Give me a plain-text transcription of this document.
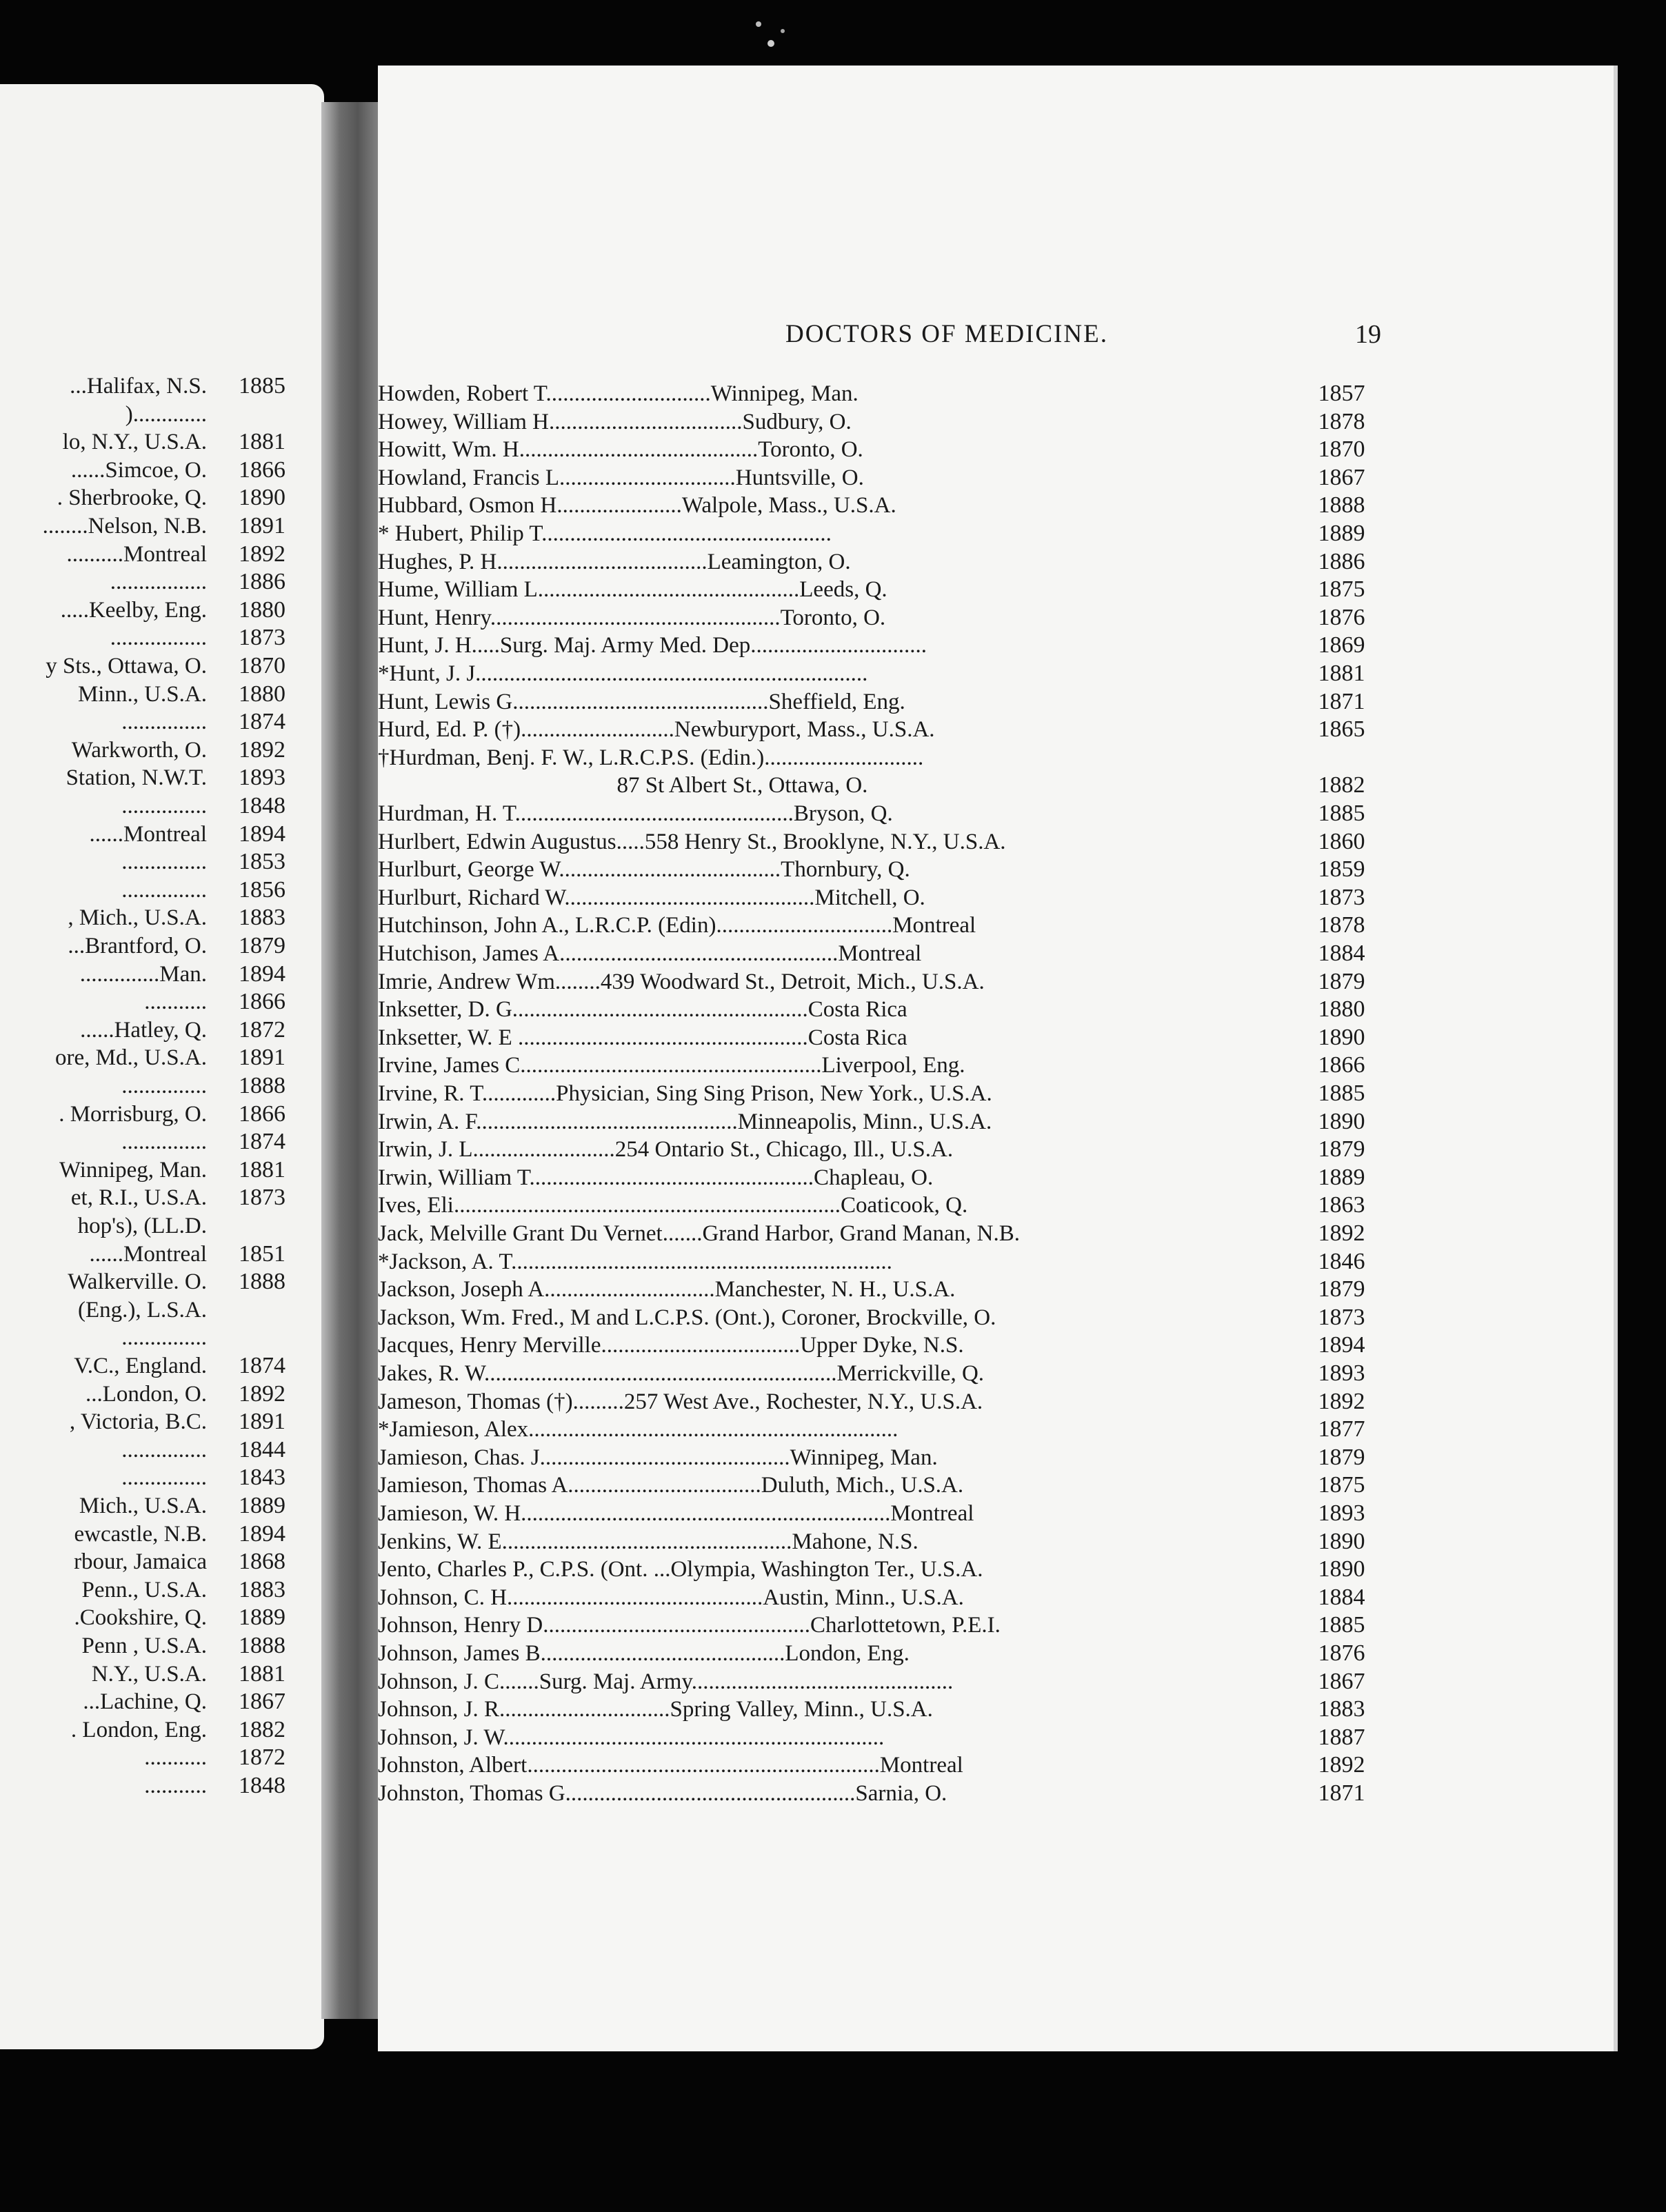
...Halifax, N.S.	1885
).............
lo, N.Y., U.S.A.	1881
......Simcoe, O.	1866
. Sherbrooke, Q.	1890
........Nelson, N.B.	1891
..........Montreal	1892
.................	1886
.....Keelby, Eng.	1880
.................	1873
y Sts., Ottawa, O.	1870
Minn., U.S.A.	1880
...............	1874
Warkworth, O.	1892
Station, N.W.T.	1893
...............	1848
......Montreal	1894
...............	1853
...............	1856
, Mich., U.S.A.	1883
...Brantford, O.	1879
..............Man.	1894
...........	1866
......Hatley, Q.	1872
ore, Md., U.S.A.	1891
...............	1888
. Morrisburg, O.	1866
...............	1874
Winnipeg, Man.	1881
et, R.I., U.S.A.	1873
hop's), (LL.D.
......Montreal	1851
Walkerville. O.	1888
(Eng.), L.S.A.
...............
V.C., England.	1874
...London, O.	1892
, Victoria, B.C.	1891
...............	1844
...............	1843
Mich., U.S.A.	1889
ewcastle, N.B.	1894
rbour, Jamaica	1868
Penn., U.S.A.	1883
.Cookshire, Q.	1889
Penn , U.S.A.	1888
N.Y., U.S.A.	1881
...Lachine, Q.	1867
. London, Eng.	1882
...........	1872
...........	1848
DOCTORS OF MEDICINE.	19
Howden, Robert T.............................Winnipeg, Man.	1857
Howey, William H..................................Sudbury, O.	1878
Howitt, Wm. H..........................................Toronto, O.	1870
Howland, Francis L...............................Huntsville, O.	1867
Hubbard, Osmon H......................Walpole, Mass., U.S.A.	1888
* Hubert, Philip T...................................................	1889
Hughes, P. H.....................................Leamington, O.	1886
Hume, William L..............................................Leeds, Q.	1875
Hunt, Henry...................................................Toronto, O.	1876
Hunt, J. H.....Surg. Maj. Army Med. Dep...............................	1869
*Hunt, J. J.....................................................................	1881
Hunt, Lewis G.............................................Sheffield, Eng.	1871
Hurd, Ed. P. (†)...........................Newburyport, Mass., U.S.A.	1865
†Hurdman, Benj. F. W., L.R.C.P.S. (Edin.)............................
87 St Albert St., Ottawa, O.	1882
Hurdman, H. T.................................................Bryson, Q.	1885
Hurlbert, Edwin Augustus.....558 Henry St., Brooklyne, N.Y., U.S.A.	1860
Hurlburt, George W.......................................Thornbury, Q.	1859
Hurlburt, Richard W............................................Mitchell, O.	1873
Hutchinson, John A., L.R.C.P. (Edin)...............................Montreal	1878
Hutchison, James A.................................................Montreal	1884
Imrie, Andrew Wm........439 Woodward St., Detroit, Mich., U.S.A.	1879
Inksetter, D. G....................................................Costa Rica	1880
Inksetter, W. E ...................................................Costa Rica	1890
Irvine, James C.....................................................Liverpool, Eng.	1866
Irvine, R. T.............Physician, Sing Sing Prison, New York., U.S.A.	1885
Irwin, A. F..............................................Minneapolis, Minn., U.S.A.	1890
Irwin, J. L.........................254 Ontario St., Chicago, Ill., U.S.A.	1879
Irwin, William T..................................................Chapleau, O.	1889
Ives, Eli....................................................................Coaticook, Q.	1863
Jack, Melville Grant Du Vernet.......Grand Harbor, Grand Manan, N.B.	1892
*Jackson, A. T...................................................................	1846
Jackson, Joseph A..............................Manchester, N. H., U.S.A.	1879
Jackson, Wm. Fred., M and L.C.P.S. (Ont.), Coroner, Brockville, O.	1873
Jacques, Henry Merville...................................Upper Dyke, N.S.	1894
Jakes, R. W..............................................................Merrickville, Q.	1893
Jameson, Thomas (†).........257 West Ave., Rochester, N.Y., U.S.A.	1892
*Jamieson, Alex.................................................................	1877
Jamieson, Chas. J............................................Winnipeg, Man.	1879
Jamieson, Thomas A..................................Duluth, Mich., U.S.A.	1875
Jamieson, W. H.................................................................Montreal	1893
Jenkins, W. E...................................................Mahone, N.S.	1890
Jento, Charles P., C.P.S. (Ont. ...Olympia, Washington Ter., U.S.A.	1890
Johnson, C. H.............................................Austin, Minn., U.S.A.	1884
Johnson, Henry D...............................................Charlottetown, P.E.I.	1885
Johnson, James B...........................................London, Eng.	1876
Johnson, J. C.......Surg. Maj. Army..............................................	1867
Johnson, J. R..............................Spring Valley, Minn., U.S.A.	1883
Johnson, J. W...................................................................	1887
Johnston, Albert..............................................................Montreal	1892
Johnston, Thomas G...................................................Sarnia, O.	1871
